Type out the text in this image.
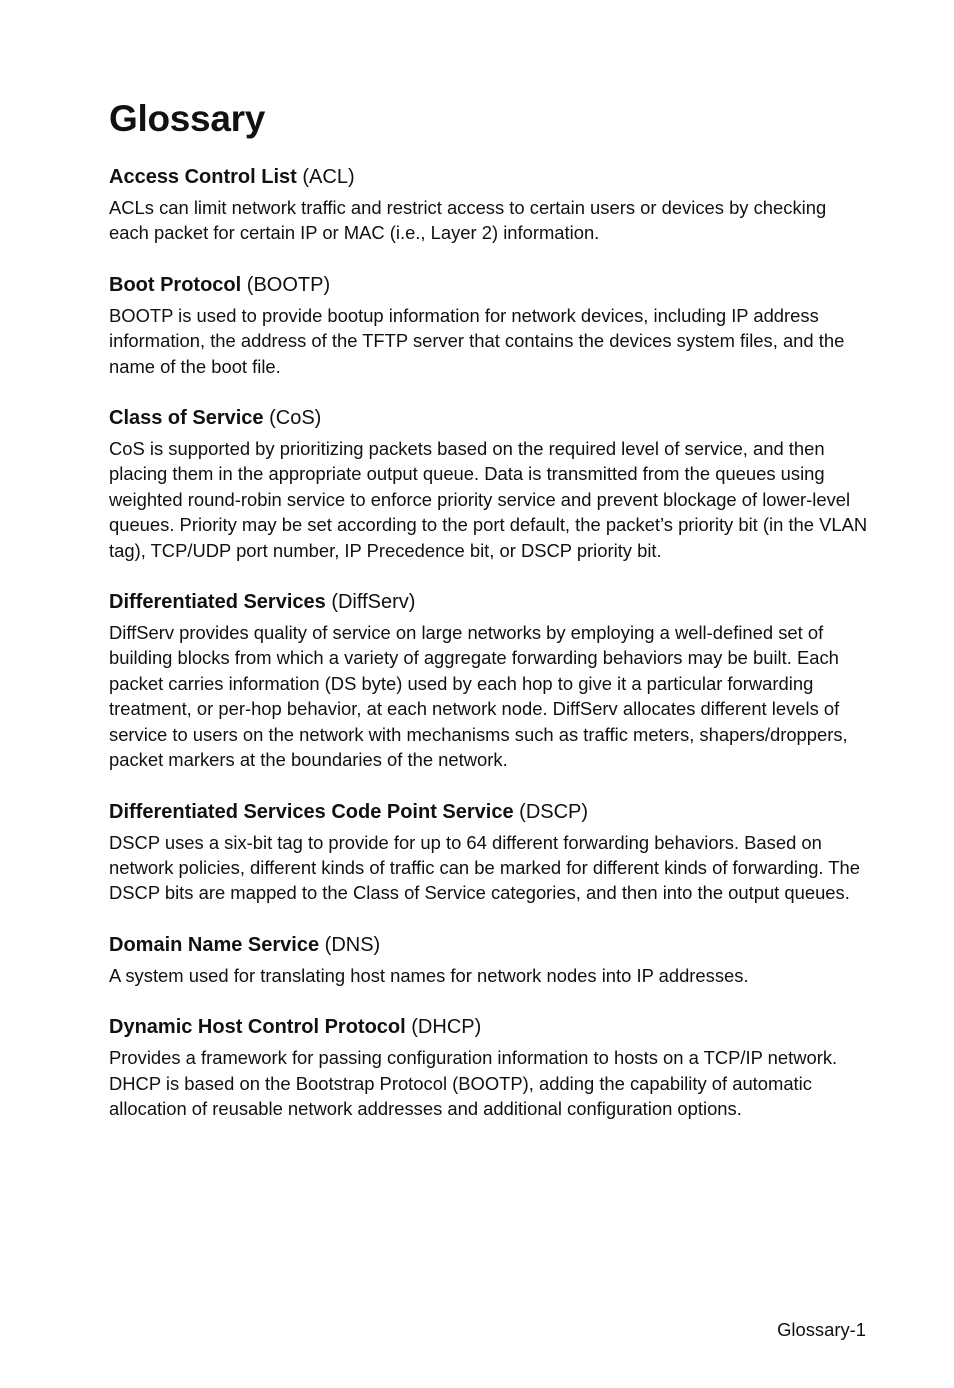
Glossary
Access Control List (ACL)

ACLs can limit network traffic and restrict access to certain users or devices by checking each packet for certain IP or MAC (i.e., Layer 2) information.

Boot Protocol (BOOTP)

BOOTP is used to provide bootup information for network devices, including IP address information, the address of the TFTP server that contains the devices system files, and the name of the boot file.

Class of Service (CoS)

CoS is supported by prioritizing packets based on the required level of service, and then placing them in the appropriate output queue. Data is transmitted from the queues using weighted round-robin service to enforce priority service and prevent blockage of lower-level queues. Priority may be set according to the port default, the packet’s priority bit (in the VLAN tag), TCP/UDP port number, IP Precedence bit, or DSCP priority bit.

Differentiated Services (DiffServ)

DiffServ provides quality of service on large networks by employing a well-defined set of building blocks from which a variety of aggregate forwarding behaviors may be built. Each packet carries information (DS byte) used by each hop to give it a particular forwarding treatment, or per-hop behavior, at each network node. DiffServ allocates different levels of service to users on the network with mechanisms such as traffic meters, shapers/droppers, packet markers at the boundaries of the network.

Differentiated Services Code Point Service (DSCP)

DSCP uses a six-bit tag to provide for up to 64 different forwarding behaviors. Based on network policies, different kinds of traffic can be marked for different kinds of forwarding. The DSCP bits are mapped to the Class of Service categories, and then into the output queues.

Domain Name Service (DNS)

A system used for translating host names for network nodes into IP addresses.

Dynamic Host Control Protocol (DHCP)

Provides a framework for passing configuration information to hosts on a TCP/IP network. DHCP is based on the Bootstrap Protocol (BOOTP), adding the capability of automatic allocation of reusable network addresses and additional configuration options.

Glossary-1
